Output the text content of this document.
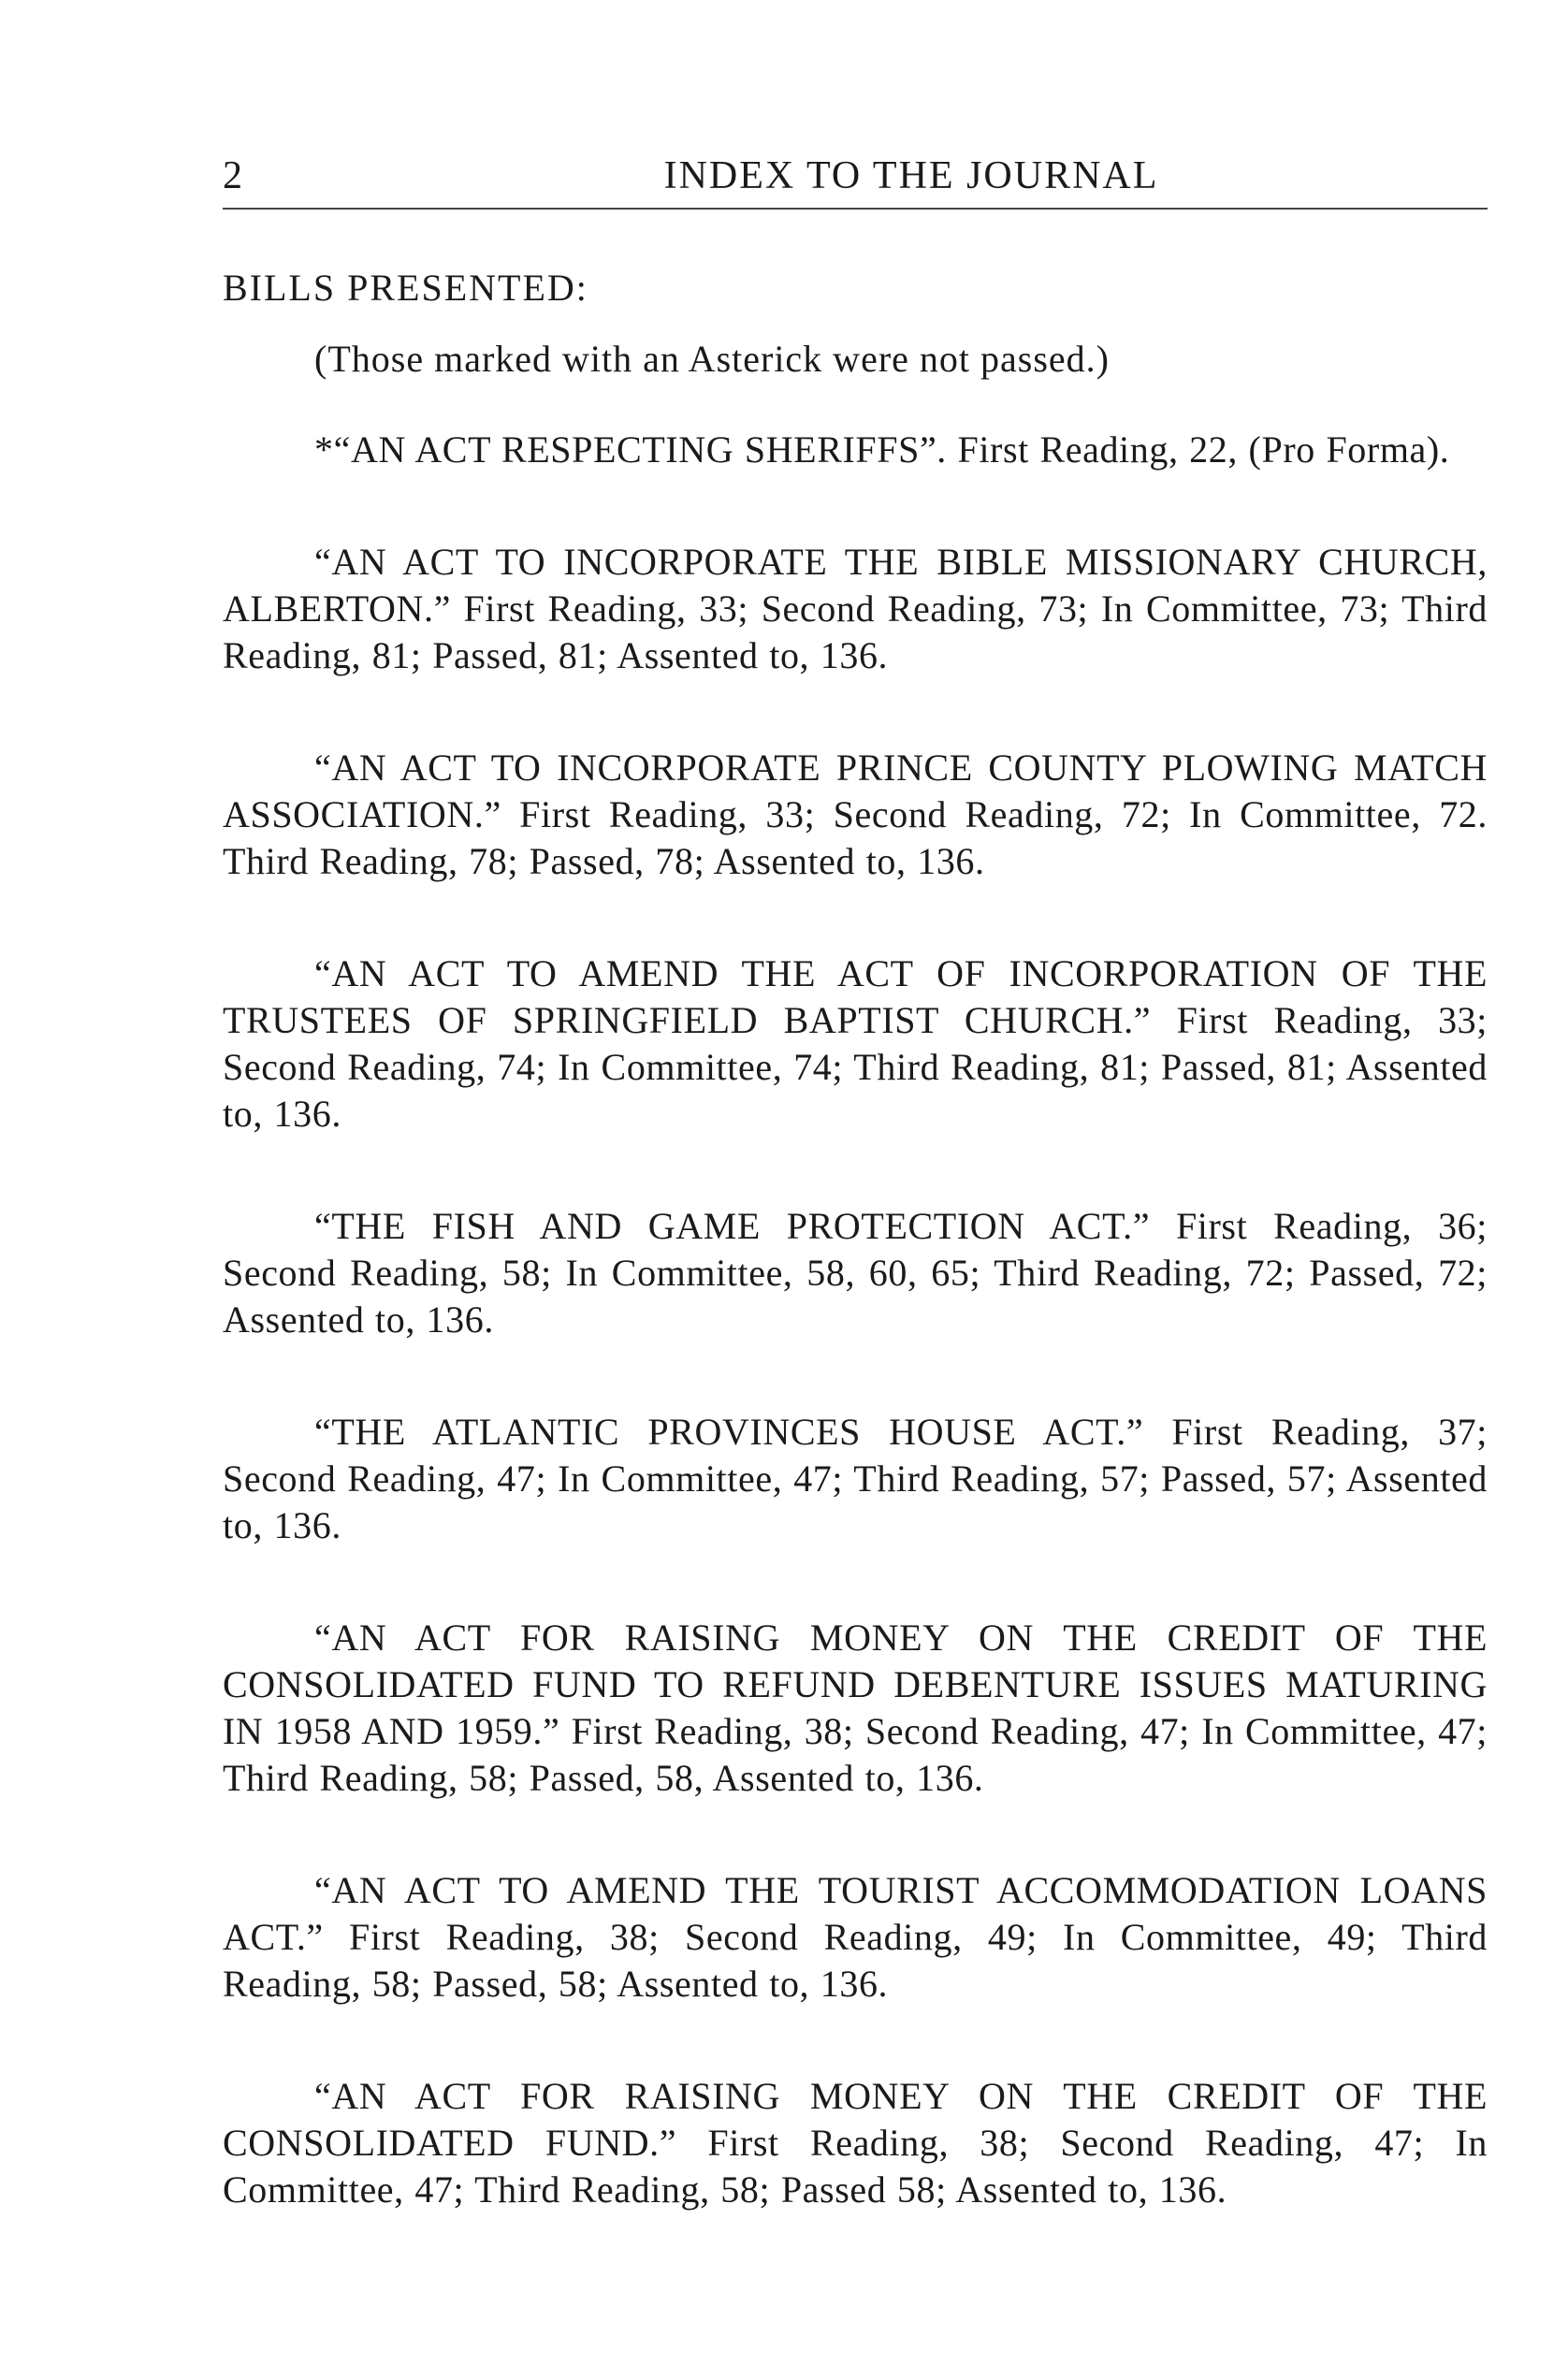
2	INDEX TO THE JOURNAL
BILLS PRESENTED:
(Those marked with an Asterick were not passed.)

*“AN ACT RESPECTING SHERIFFS”. First Reading, 22, (Pro Forma).

“AN ACT TO INCORPORATE THE BIBLE MISSIONARY CHURCH, ALBERTON.” First Reading, 33; Second Reading, 73; In Committee, 73; Third Reading, 81; Passed, 81; Assented to, 136.

“AN ACT TO INCORPORATE PRINCE COUNTY PLOWING MATCH ASSOCIATION.” First Reading, 33; Second Reading, 72; In Committee, 72. Third Reading, 78; Passed, 78; Assented to, 136.

“AN ACT TO AMEND THE ACT OF INCORPORATION OF THE TRUSTEES OF SPRINGFIELD BAPTIST CHURCH.” First Reading, 33; Second Reading, 74; In Committee, 74; Third Reading, 81; Passed, 81; Assented to, 136.

“THE FISH AND GAME PROTECTION ACT.” First Reading, 36; Second Reading, 58; In Committee, 58, 60, 65; Third Reading, 72; Passed, 72; Assented to, 136.

“THE ATLANTIC PROVINCES HOUSE ACT.” First Reading, 37; Second Reading, 47; In Committee, 47; Third Reading, 57; Passed, 57; Assented to, 136.

“AN ACT FOR RAISING MONEY ON THE CREDIT OF THE CONSOLIDATED FUND TO REFUND DEBENTURE ISSUES MATURING IN 1958 AND 1959.” First Reading, 38; Second Reading, 47; In Committee, 47; Third Reading, 58; Passed, 58, Assented to, 136.

“AN ACT TO AMEND THE TOURIST ACCOMMODATION LOANS ACT.” First Reading, 38; Second Reading, 49; In Committee, 49; Third Reading, 58; Passed, 58; Assented to, 136.

“AN ACT FOR RAISING MONEY ON THE CREDIT OF THE CONSOLIDATED FUND.” First Reading, 38; Second Reading, 47; In Committee, 47; Third Reading, 58; Passed 58; Assented to, 136.
